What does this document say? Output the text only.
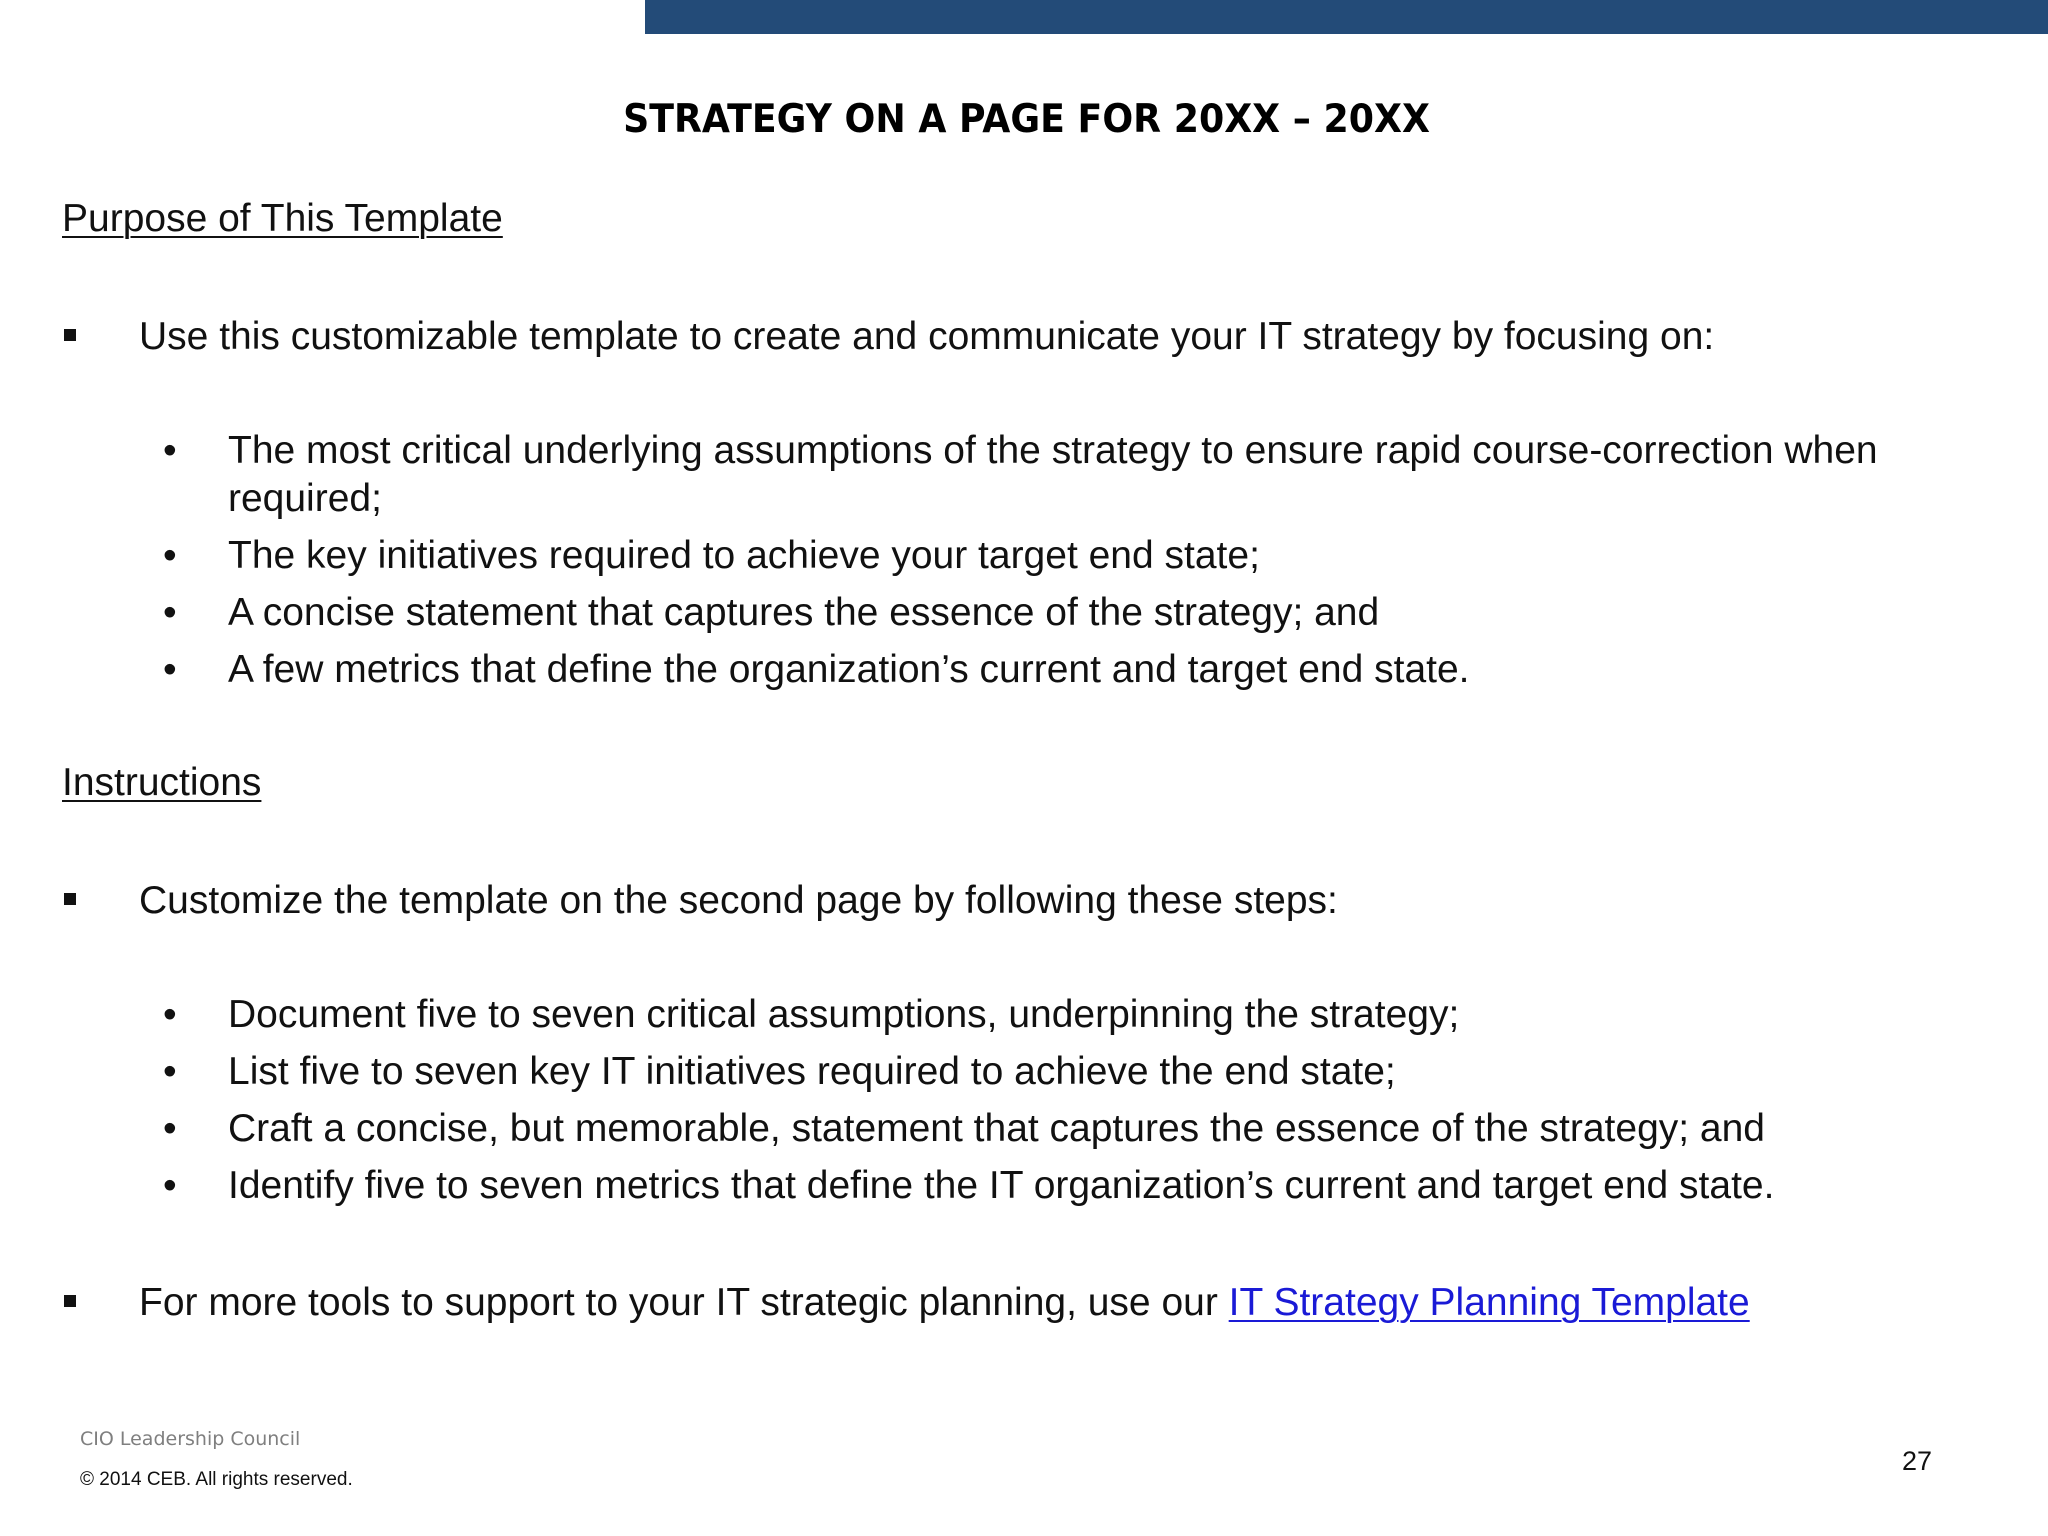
STRATEGY ON A PAGE FOR 20XX – 20XX
Purpose of This Template
Use this customizable template to create and communicate your IT strategy by focusing on:
• The most critical underlying assumptions of the strategy to ensure rapid course-correction when required;
• The key initiatives required to achieve your target end state;
• A concise statement that captures the essence of the strategy; and
• A few metrics that define the organization’s current and target end state.
Instructions
Customize the template on the second page by following these steps:
• Document five to seven critical assumptions, underpinning the strategy;
• List five to seven key IT initiatives required to achieve the end state;
• Craft a concise, but memorable, statement that captures the essence of the strategy; and
• Identify five to seven metrics that define the IT organization’s current and target end state.
For more tools to support to your IT strategic planning, use our IT Strategy Planning Template

CIO Leadership Council

© 2014 CEB. All rights reserved.

27
